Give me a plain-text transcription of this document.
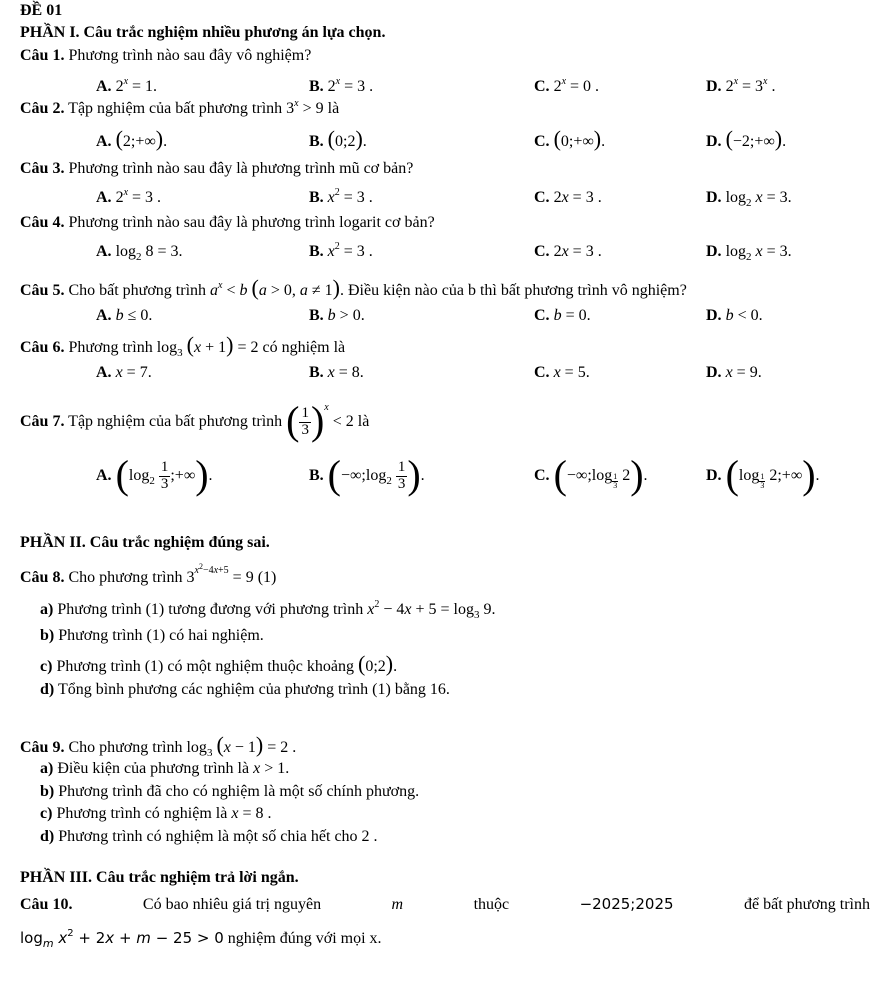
ĐỀ 01
PHẦN I. Câu trắc nghiệm nhiều phương án lựa chọn.
Câu 1. Phương trình nào sau đây vô nghiệm?
A. $2^x = 1$.	B. $2^x = 3$ .	C. $2^x = 0$ .	D. $2^x = 3^x$ .
Câu 2. Tập nghiệm của bất phương trình $3^x > 9$ là
A. (2;+∞).	B. (0;2).	C. (0;+∞).	D. (−2;+∞).
Câu 3. Phương trình nào sau đây là phương trình mũ cơ bản?
A. $2^x = 3$ .	B. $x^2 = 3$ .	C. 2x = 3 .	D. $\log_2 x = 3$.
Câu 4. Phương trình nào sau đây là phương trình logarit cơ bản?
A. $\log_2 8 = 3$.	B. $x^2 = 3$ .	C. 2x = 3 .	D. $\log_2 x = 3$.
Câu 5. Cho bất phương trình $a^x < b$ (a > 0, a ≠ 1). Điều kiện nào của b thì bất phương trình vô nghiệm?
A. b ≤ 0.	B. b > 0.	C. b = 0.	D. b < 0.
Câu 6. Phương trình $\log_3 (x + 1) = 2$ có nghiệm là
A. x = 7.	B. x = 8.	C. x = 5.	D. x = 9.
Câu 7. Tập nghiệm của bất phương trình ( $\frac{1}{3} )^x < 2$ là
A. ($\log_2 \frac{1}{3}$ ;+∞).	B. ($-\infty;\log_2 \frac{1}{3}$ ).	C. (−∞;log $\frac{1}{3} 2$).	D. ($\log \frac{1}{3}$ 2;+∞).
PHẦN II. Câu trắc nghiệm đúng sai.
Câu 8. Cho phương trình $3^{x^2-4x+5} = 9$ (1)
a) Phương trình (1) tương đương với phương trình $x^2 - 4x + 5 = \log_3 9$.
b) Phương trình (1) có hai nghiệm.
c) Phương trình (1) có một nghiệm thuộc khoảng (0;2).
d) Tổng bình phương các nghiệm của phương trình (1) bằng 16.
Câu 9. Cho phương trình $\log_3 (x - 1) = 2$ .
a) Điều kiện của phương trình là x > 1.
b) Phương trình đã cho có nghiệm là một số chính phương.
c) Phương trình có nghiệm là x = 8 .
d) Phương trình có nghiệm là một số chia hết cho 2 .
PHẦN III. Câu trắc nghiệm trả lời ngắn.
Câu 10.	Có bao nhiêu giá trị nguyên	m	thuộc	−2025;2025	để bất phương trình
$\log_m x^2 + 2x + m - 25 > 0$ nghiệm đúng với mọi x.
